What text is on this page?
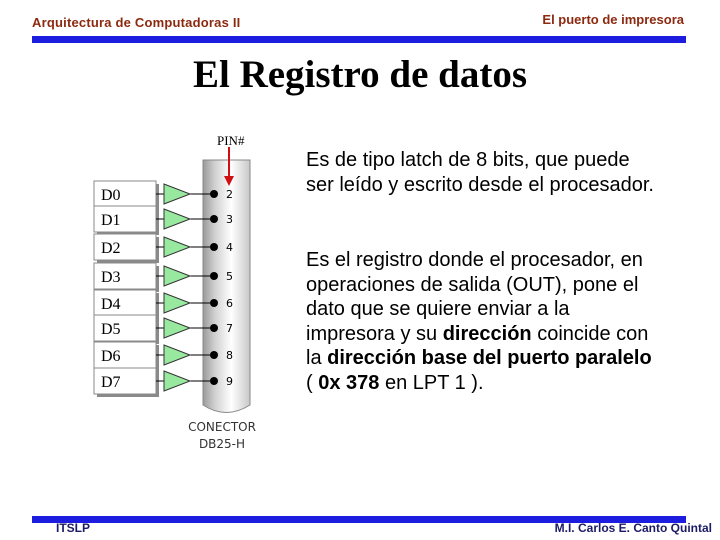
Arquitectura de Computadoras II	El puerto de impresora
El Registro de datos
PIN#
D0	2
D1	3
D2	4
D3	5
D4	6
D5	7
D6	8
D7	9
CONECTOR
DB25-H
Es de tipo latch de 8 bits, que puede ser leído y escrito desde el procesador.
Es el registro donde el procesador, en operaciones de salida (OUT), pone el dato que se quiere enviar a la impresora y su dirección coincide con la dirección base del puerto paralelo ( 0x 378 en LPT 1 ).
ITSLP	M.I. Carlos E. Canto Quintal
